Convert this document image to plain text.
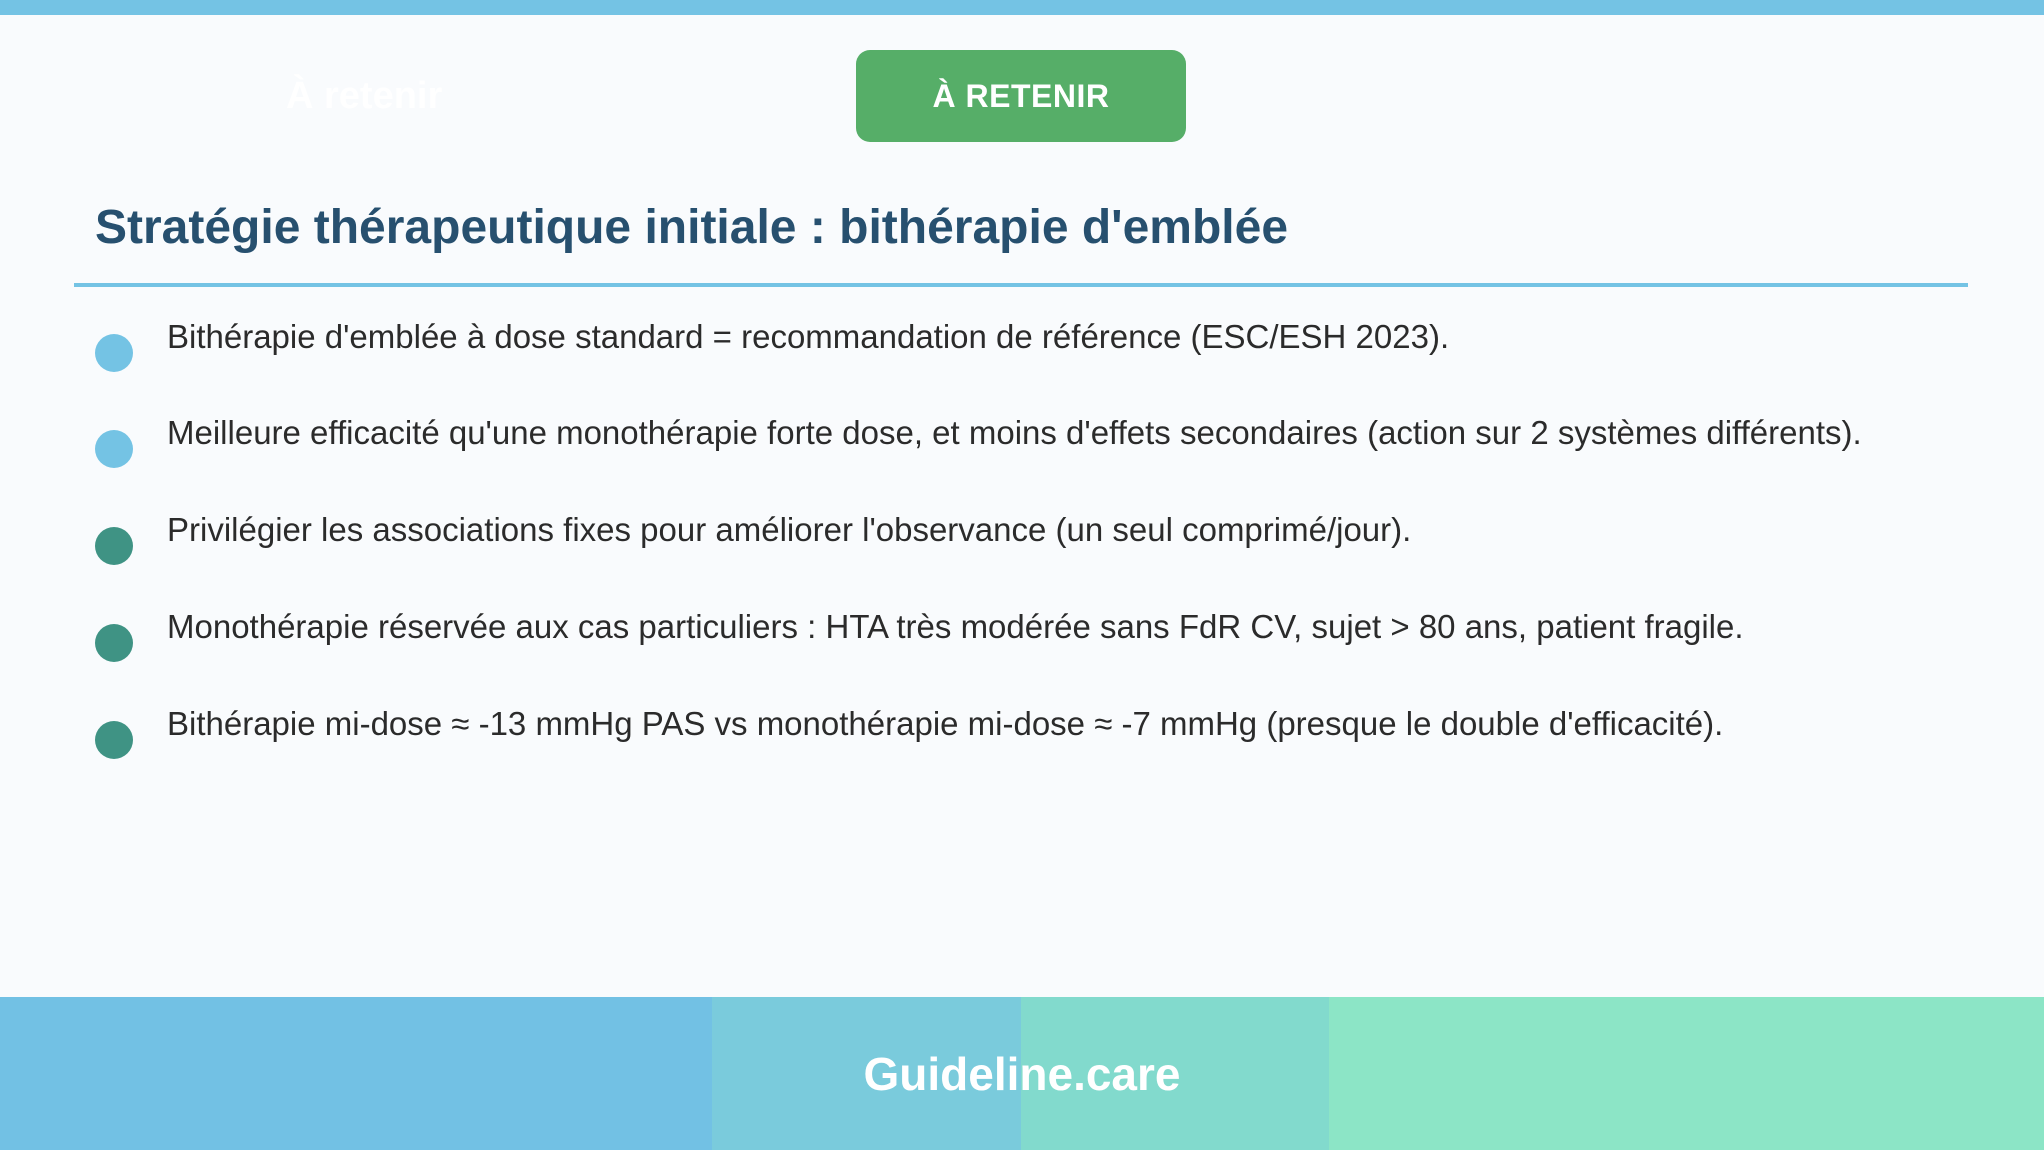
À retenir	À RETENIR
Stratégie thérapeutique initiale : bithérapie d'emblée
Bithérapie d'emblée à dose standard = recommandation de référence (ESC/ESH 2023).
Meilleure efficacité qu'une monothérapie forte dose, et moins d'effets secondaires (action sur 2 systèmes différents).
Privilégier les associations fixes pour améliorer l'observance (un seul comprimé/jour).
Monothérapie réservée aux cas particuliers : HTA très modérée sans FdR CV, sujet > 80 ans, patient fragile.
Bithérapie mi-dose ≈ -13 mmHg PAS vs monothérapie mi-dose ≈ -7 mmHg (presque le double d'efficacité).
Guideline.care
